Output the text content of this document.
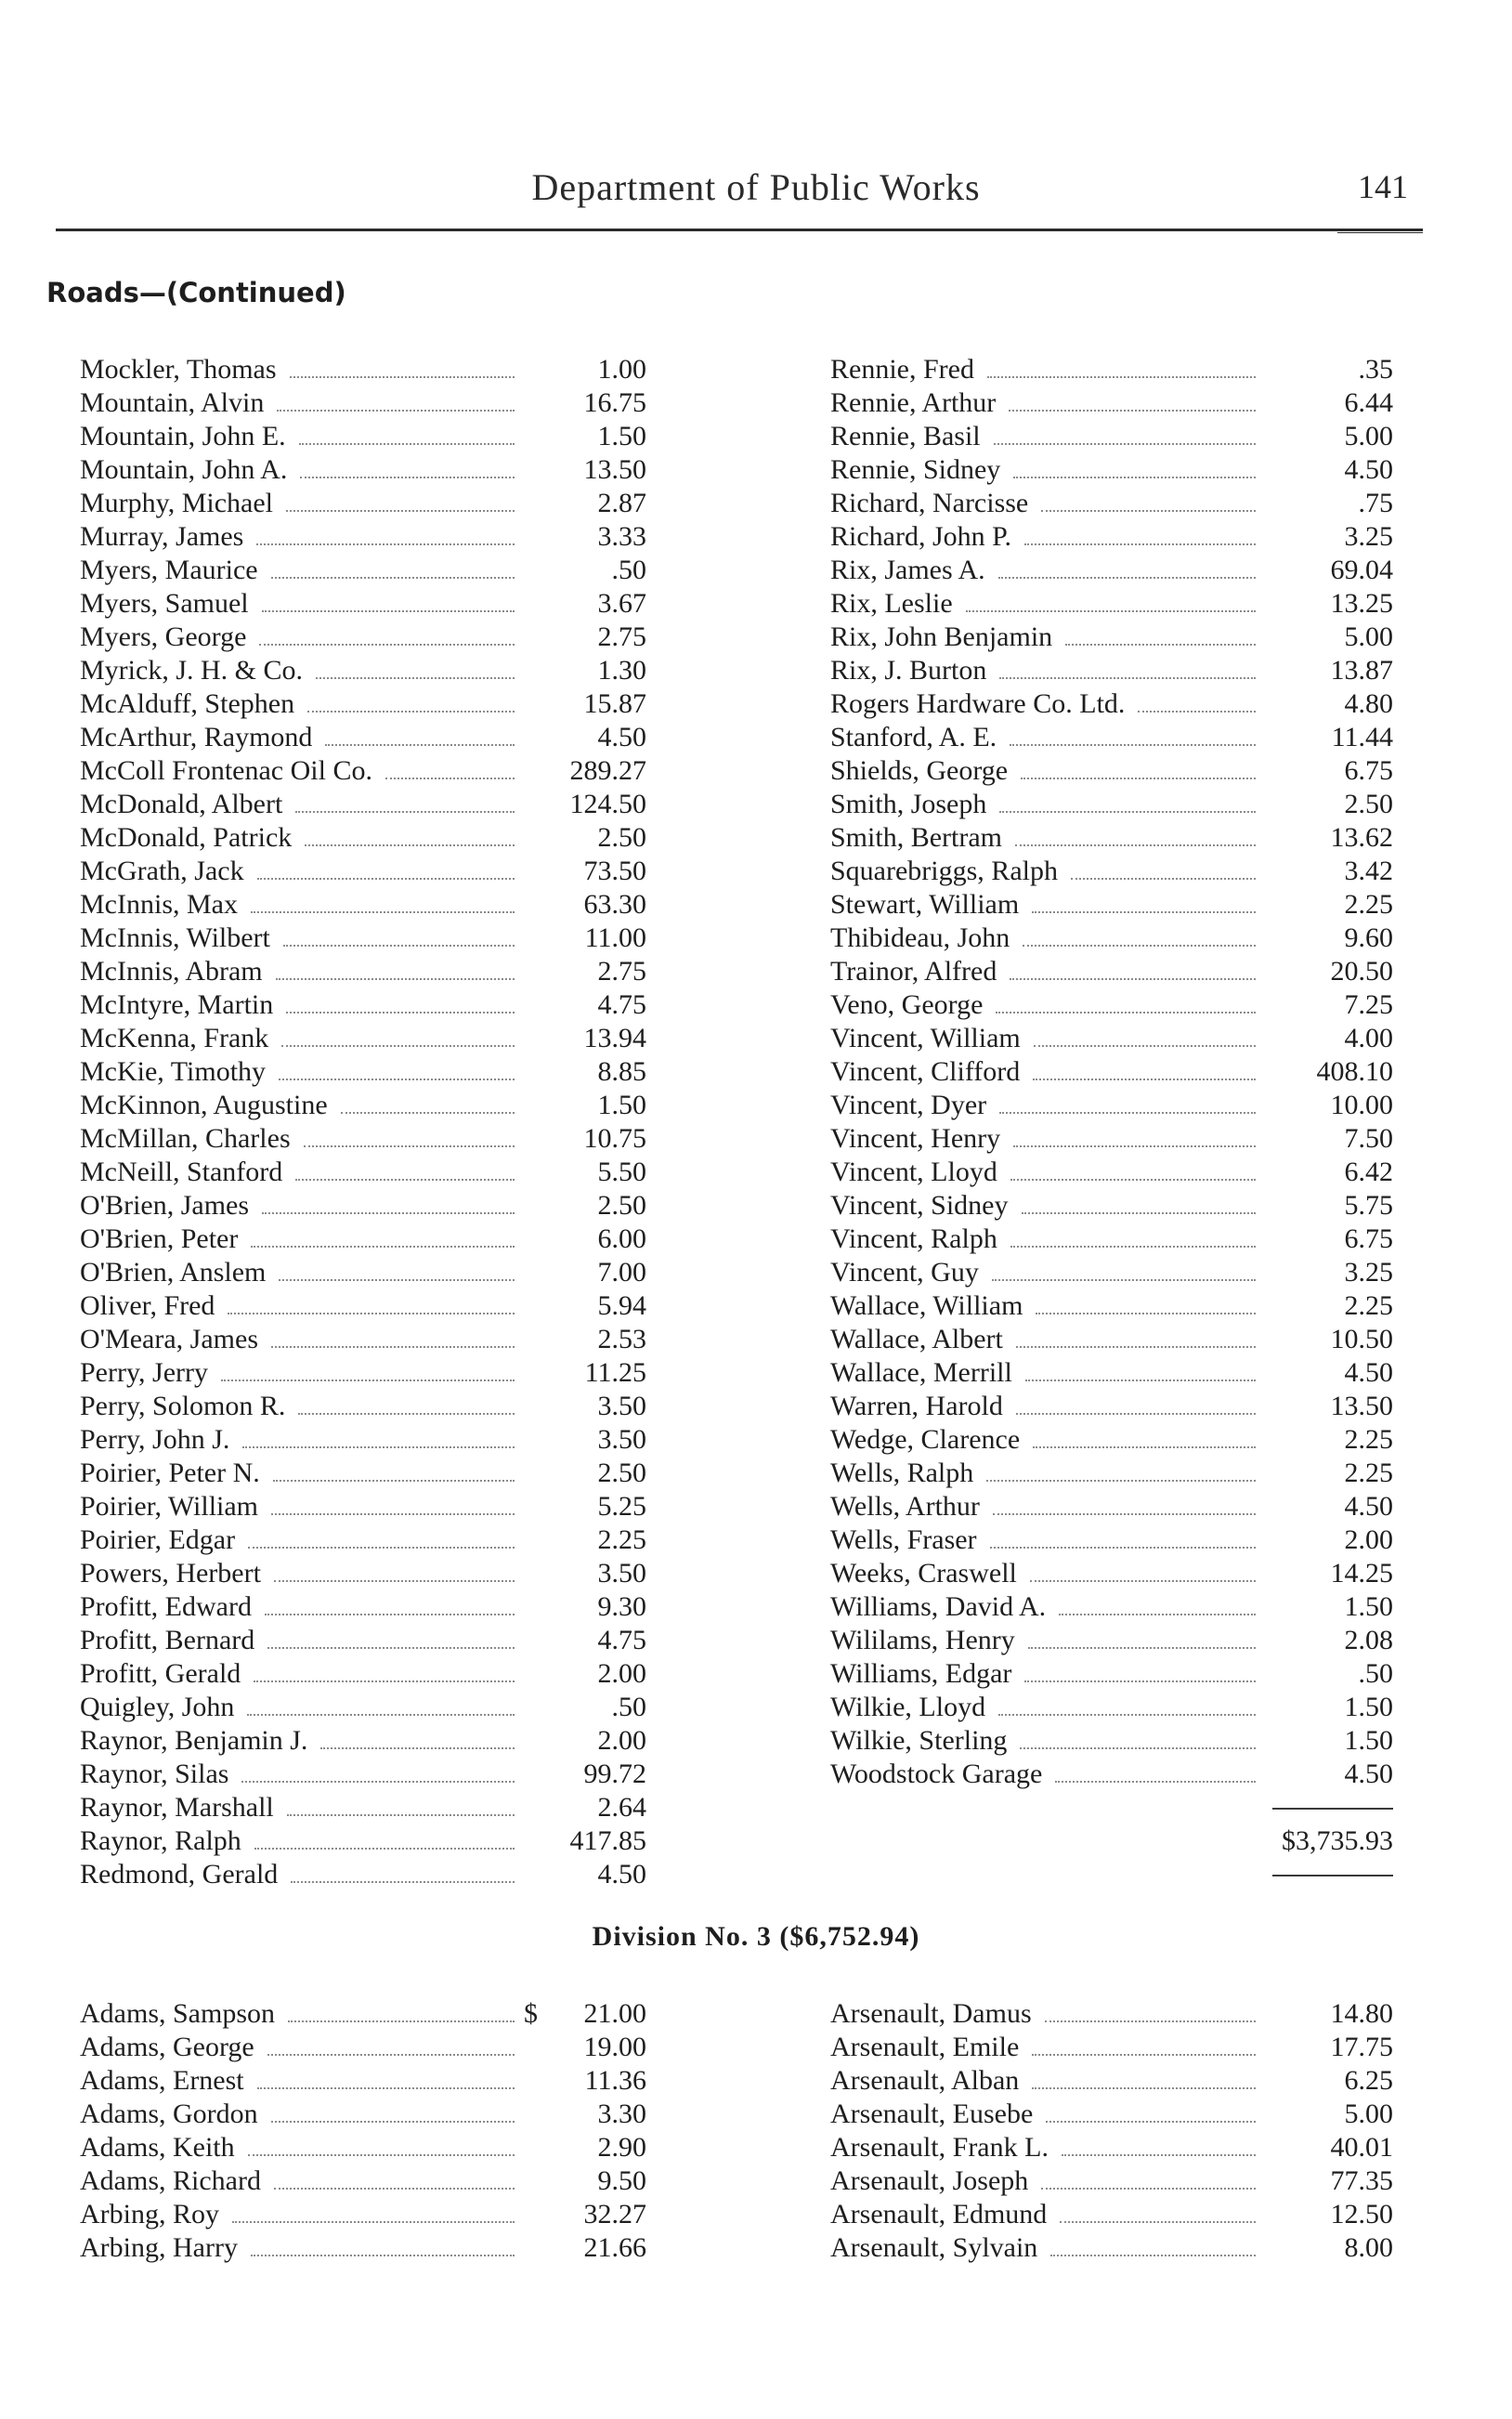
Department of Public Works	141
Roads—(Continued)
Mockler, Thomas	1.00
Mountain, Alvin	16.75
Mountain, John E.	1.50
Mountain, John A.	13.50
Murphy, Michael	2.87
Murray, James	3.33
Myers, Maurice	.50
Myers, Samuel	3.67
Myers, George	2.75
Myrick, J. H. & Co.	1.30
McAlduff, Stephen	15.87
McArthur, Raymond	4.50
McColl Frontenac Oil Co.	289.27
McDonald, Albert	124.50
McDonald, Patrick	2.50
McGrath, Jack	73.50
McInnis, Max	63.30
McInnis, Wilbert	11.00
McInnis, Abram	2.75
McIntyre, Martin	4.75
McKenna, Frank	13.94
McKie, Timothy	8.85
McKinnon, Augustine	1.50
McMillan, Charles	10.75
McNeill, Stanford	5.50
O'Brien, James	2.50
O'Brien, Peter	6.00
O'Brien, Anslem	7.00
Oliver, Fred	5.94
O'Meara, James	2.53
Perry, Jerry	11.25
Perry, Solomon R.	3.50
Perry, John J.	3.50
Poirier, Peter N.	2.50
Poirier, William	5.25
Poirier, Edgar	2.25
Powers, Herbert	3.50
Profitt, Edward	9.30
Profitt, Bernard	4.75
Profitt, Gerald	2.00
Quigley, John	.50
Raynor, Benjamin J.	2.00
Raynor, Silas	99.72
Raynor, Marshall	2.64
Raynor, Ralph	417.85
Redmond, Gerald	4.50
Rennie, Fred	.35
Rennie, Arthur	6.44
Rennie, Basil	5.00
Rennie, Sidney	4.50
Richard, Narcisse	.75
Richard, John P.	3.25
Rix, James A.	69.04
Rix, Leslie	13.25
Rix, John Benjamin	5.00
Rix, J. Burton	13.87
Rogers Hardware Co. Ltd.	4.80
Stanford, A. E.	11.44
Shields, George	6.75
Smith, Joseph	2.50
Smith, Bertram	13.62
Squarebriggs, Ralph	3.42
Stewart, William	2.25
Thibideau, John	9.60
Trainor, Alfred	20.50
Veno, George	7.25
Vincent, William	4.00
Vincent, Clifford	408.10
Vincent, Dyer	10.00
Vincent, Henry	7.50
Vincent, Lloyd	6.42
Vincent, Sidney	5.75
Vincent, Ralph	6.75
Vincent, Guy	3.25
Wallace, William	2.25
Wallace, Albert	10.50
Wallace, Merrill	4.50
Warren, Harold	13.50
Wedge, Clarence	2.25
Wells, Ralph	2.25
Wells, Arthur	4.50
Wells, Fraser	2.00
Weeks, Craswell	14.25
Williams, David A.	1.50
Wililams, Henry	2.08
Williams, Edgar	.50
Wilkie, Lloyd	1.50
Wilkie, Sterling	1.50
Woodstock Garage	4.50
$3,735.93
Division No. 3 ($6,752.94)
Adams, Sampson	$	21.00
Adams, George	19.00
Adams, Ernest	11.36
Adams, Gordon	3.30
Adams, Keith	2.90
Adams, Richard	9.50
Arbing, Roy	32.27
Arbing, Harry	21.66
Arsenault, Damus	14.80
Arsenault, Emile	17.75
Arsenault, Alban	6.25
Arsenault, Eusebe	5.00
Arsenault, Frank L.	40.01
Arsenault, Joseph	77.35
Arsenault, Edmund	12.50
Arsenault, Sylvain	8.00
